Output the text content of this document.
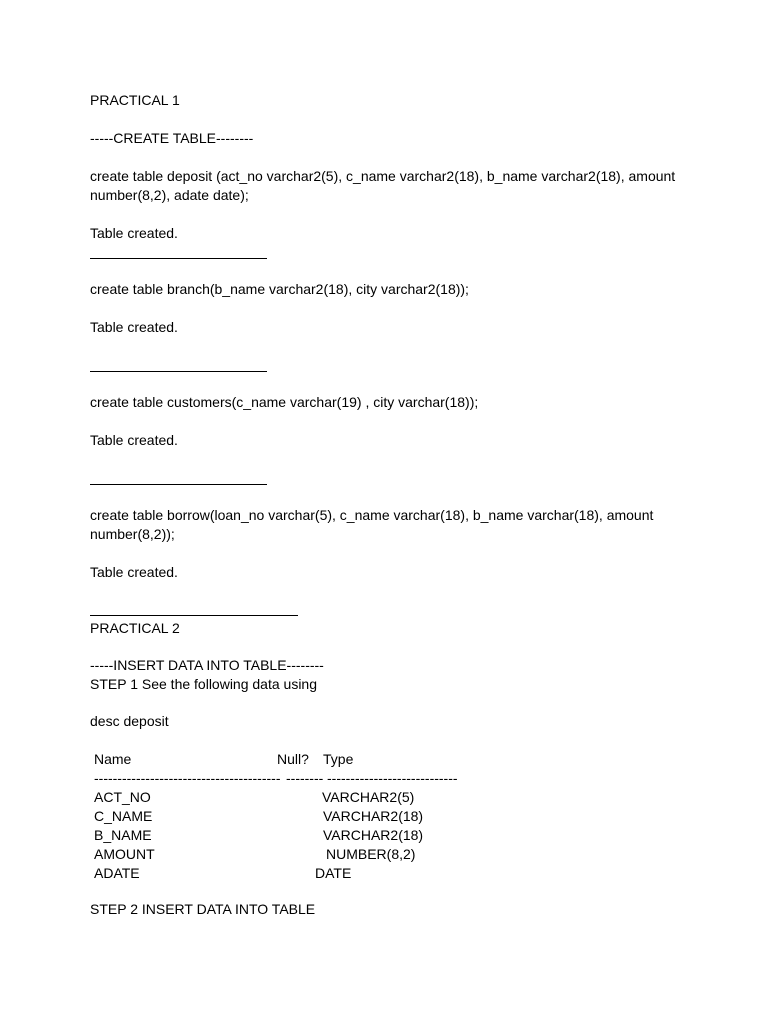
PRACTICAL 1
-----CREATE TABLE--------
create table deposit (act_no varchar2(5), c_name varchar2(18), b_name varchar2(18), amount number(8,2), adate date);
Table created.
create table branch(b_name varchar2(18), city varchar2(18));
Table created.
create table customers(c_name varchar(19) , city varchar(18));
Table created.
create table borrow(loan_no varchar(5), c_name varchar(18), b_name varchar(18), amount number(8,2));
Table created.
PRACTICAL 2
-----INSERT DATA INTO TABLE--------
STEP 1 See the following data using
desc deposit
Name	Null? Type
---------------------------------------- -------- ----------------------------
ACT_NO	VARCHAR2(5)
C_NAME	VARCHAR2(18)
B_NAME	VARCHAR2(18)
AMOUNT	NUMBER(8,2)
ADATE	DATE
STEP 2 INSERT DATA INTO TABLE
